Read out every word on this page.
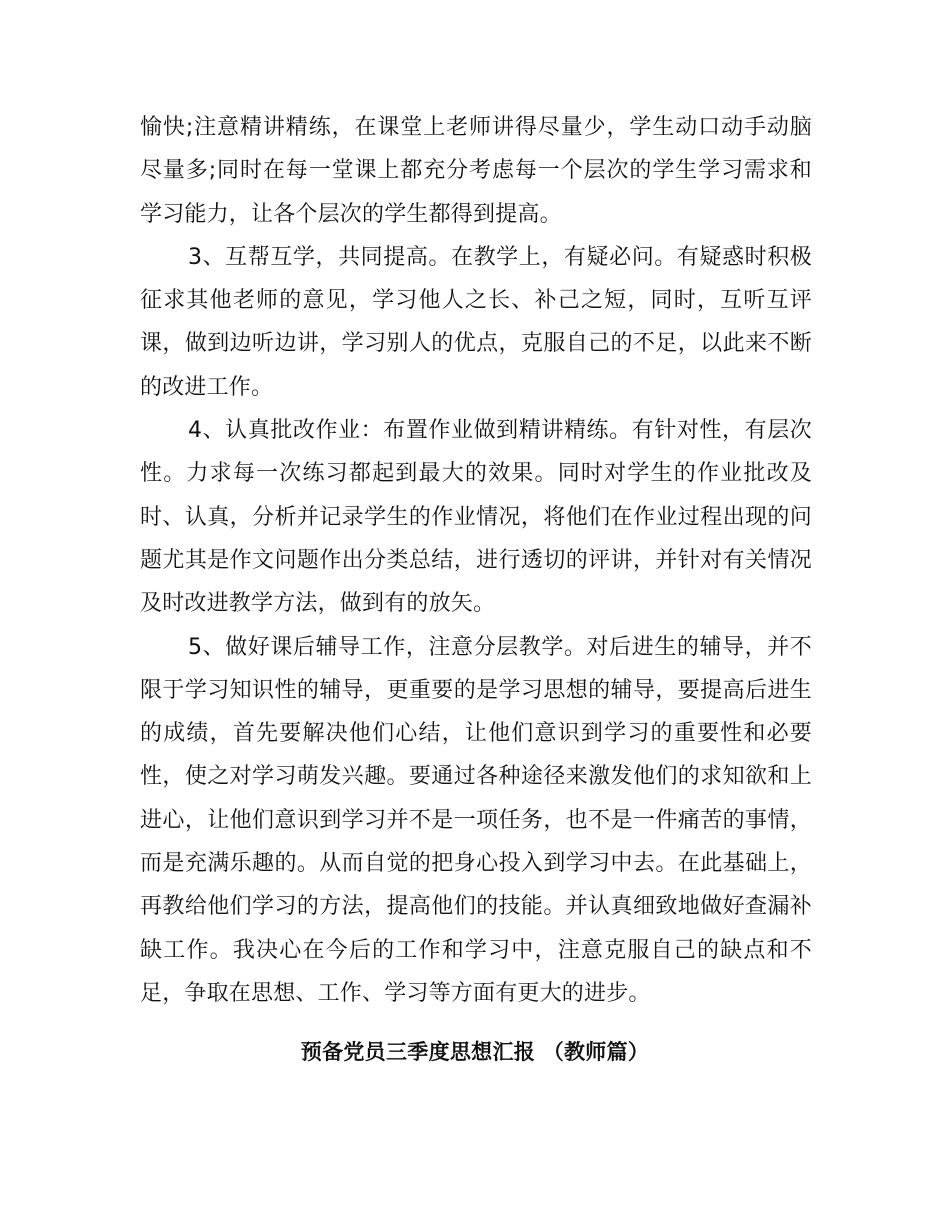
愉快;注意精讲精练，在课堂上老师讲得尽量少，学生动口动手动脑尽量多;同时在每一堂课上都充分考虑每一个层次的学生学习需求和学习能力，让各个层次的学生都得到提高。

3、互帮互学，共同提高。在教学上，有疑必问。有疑惑时积极征求其他老师的意见，学习他人之长、补己之短，同时，互听互评课，做到边听边讲，学习别人的优点，克服自己的不足，以此来不断的改进工作。

4、认真批改作业：布置作业做到精讲精练。有针对性，有层次性。力求每一次练习都起到最大的效果。同时对学生的作业批改及时、认真，分析并记录学生的作业情况，将他们在作业过程出现的问题尤其是作文问题作出分类总结，进行透切的评讲，并针对有关情况及时改进教学方法，做到有的放矢。

5、做好课后辅导工作，注意分层教学。对后进生的辅导，并不限于学习知识性的辅导，更重要的是学习思想的辅导，要提高后进生的成绩，首先要解决他们心结，让他们意识到学习的重要性和必要性，使之对学习萌发兴趣。要通过各种途径来激发他们的求知欲和上进心，让他们意识到学习并不是一项任务，也不是一件痛苦的事情，而是充满乐趣的。从而自觉的把身心投入到学习中去。在此基础上，再教给他们学习的方法，提高他们的技能。并认真细致地做好查漏补缺工作。我决心在今后的工作和学习中，注意克服自己的缺点和不足，争取在思想、工作、学习等方面有更大的进步。

预备党员三季度思想汇报 （教师篇）
